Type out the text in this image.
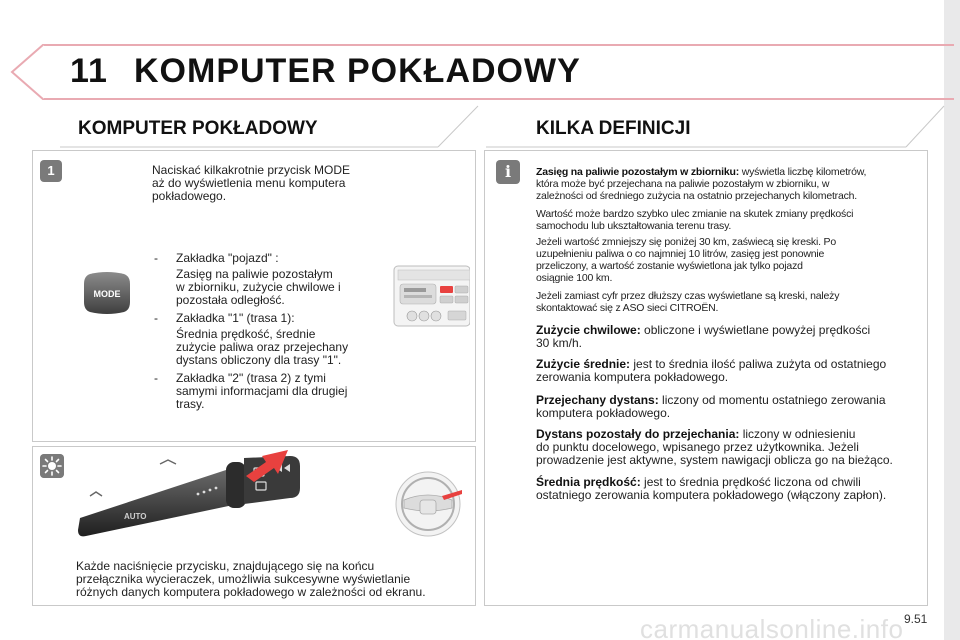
11 KOMPUTER POKŁADOWY
KOMPUTER POKŁADOWY	KILKA DEFINICJI
1	Naciskać kilkakrotnie przycisk MODE
aż do wyświetlenia menu komputera
pokładowego.
MODE
- Zakładka "pojazd" :
Zasięg na paliwie pozostałym
w zbiorniku, zużycie chwilowe i
pozostała odległość.
- Zakładka "1" (trasa 1):
Średnia prędkość, średnie
zużycie paliwa oraz przejechany
dystans obliczony dla trasy "1".
- Zakładka "2" (trasa 2) z tymi
samymi informacjami dla drugiej
trasy.
AUTO
Każde naciśnięcie przycisku, znajdującego się na końcu
przełącznika wycieraczek, umożliwia sukcesywne wyświetlanie
różnych danych komputera pokładowego w zależności od ekranu.
i	Zasięg na paliwie pozostałym w zbiorniku: wyświetla liczbę kilometrów,
która może być przejechana na paliwie pozostałym w zbiorniku, w
zależności od średniego zużycia na ostatnio przejechanych kilometrach.
Wartość może bardzo szybko ulec zmianie na skutek zmiany prędkości
samochodu lub ukształtowania terenu trasy.
Jeżeli wartość zmniejszy się poniżej 30 km, zaświecą się kreski. Po
uzupełnieniu paliwa o co najmniej 10 litrów, zasięg jest ponownie
przeliczony, a wartość zostanie wyświetlona jak tylko pojazd
osiągnie 100 km.
Jeżeli zamiast cyfr przez dłuższy czas wyświetlane są kreski, należy
skontaktować się z ASO sieci CITROËN.
Zużycie chwilowe: obliczone i wyświetlane powyżej prędkości
30 km/h.
Zużycie średnie: jest to średnia ilość paliwa zużyta od ostatniego
zerowania komputera pokładowego.
Przejechany dystans: liczony od momentu ostatniego zerowania
komputera pokładowego.
Dystans pozostały do przejechania: liczony w odniesieniu
do punktu docelowego, wpisanego przez użytkownika. Jeżeli
prowadzenie jest aktywne, system nawigacji oblicza go na bieżąco.
Średnia prędkość: jest to średnia prędkość liczona od chwili
ostatniego zerowania komputera pokładowego (włączony zapłon).
carmanualsonline.info 9.51
